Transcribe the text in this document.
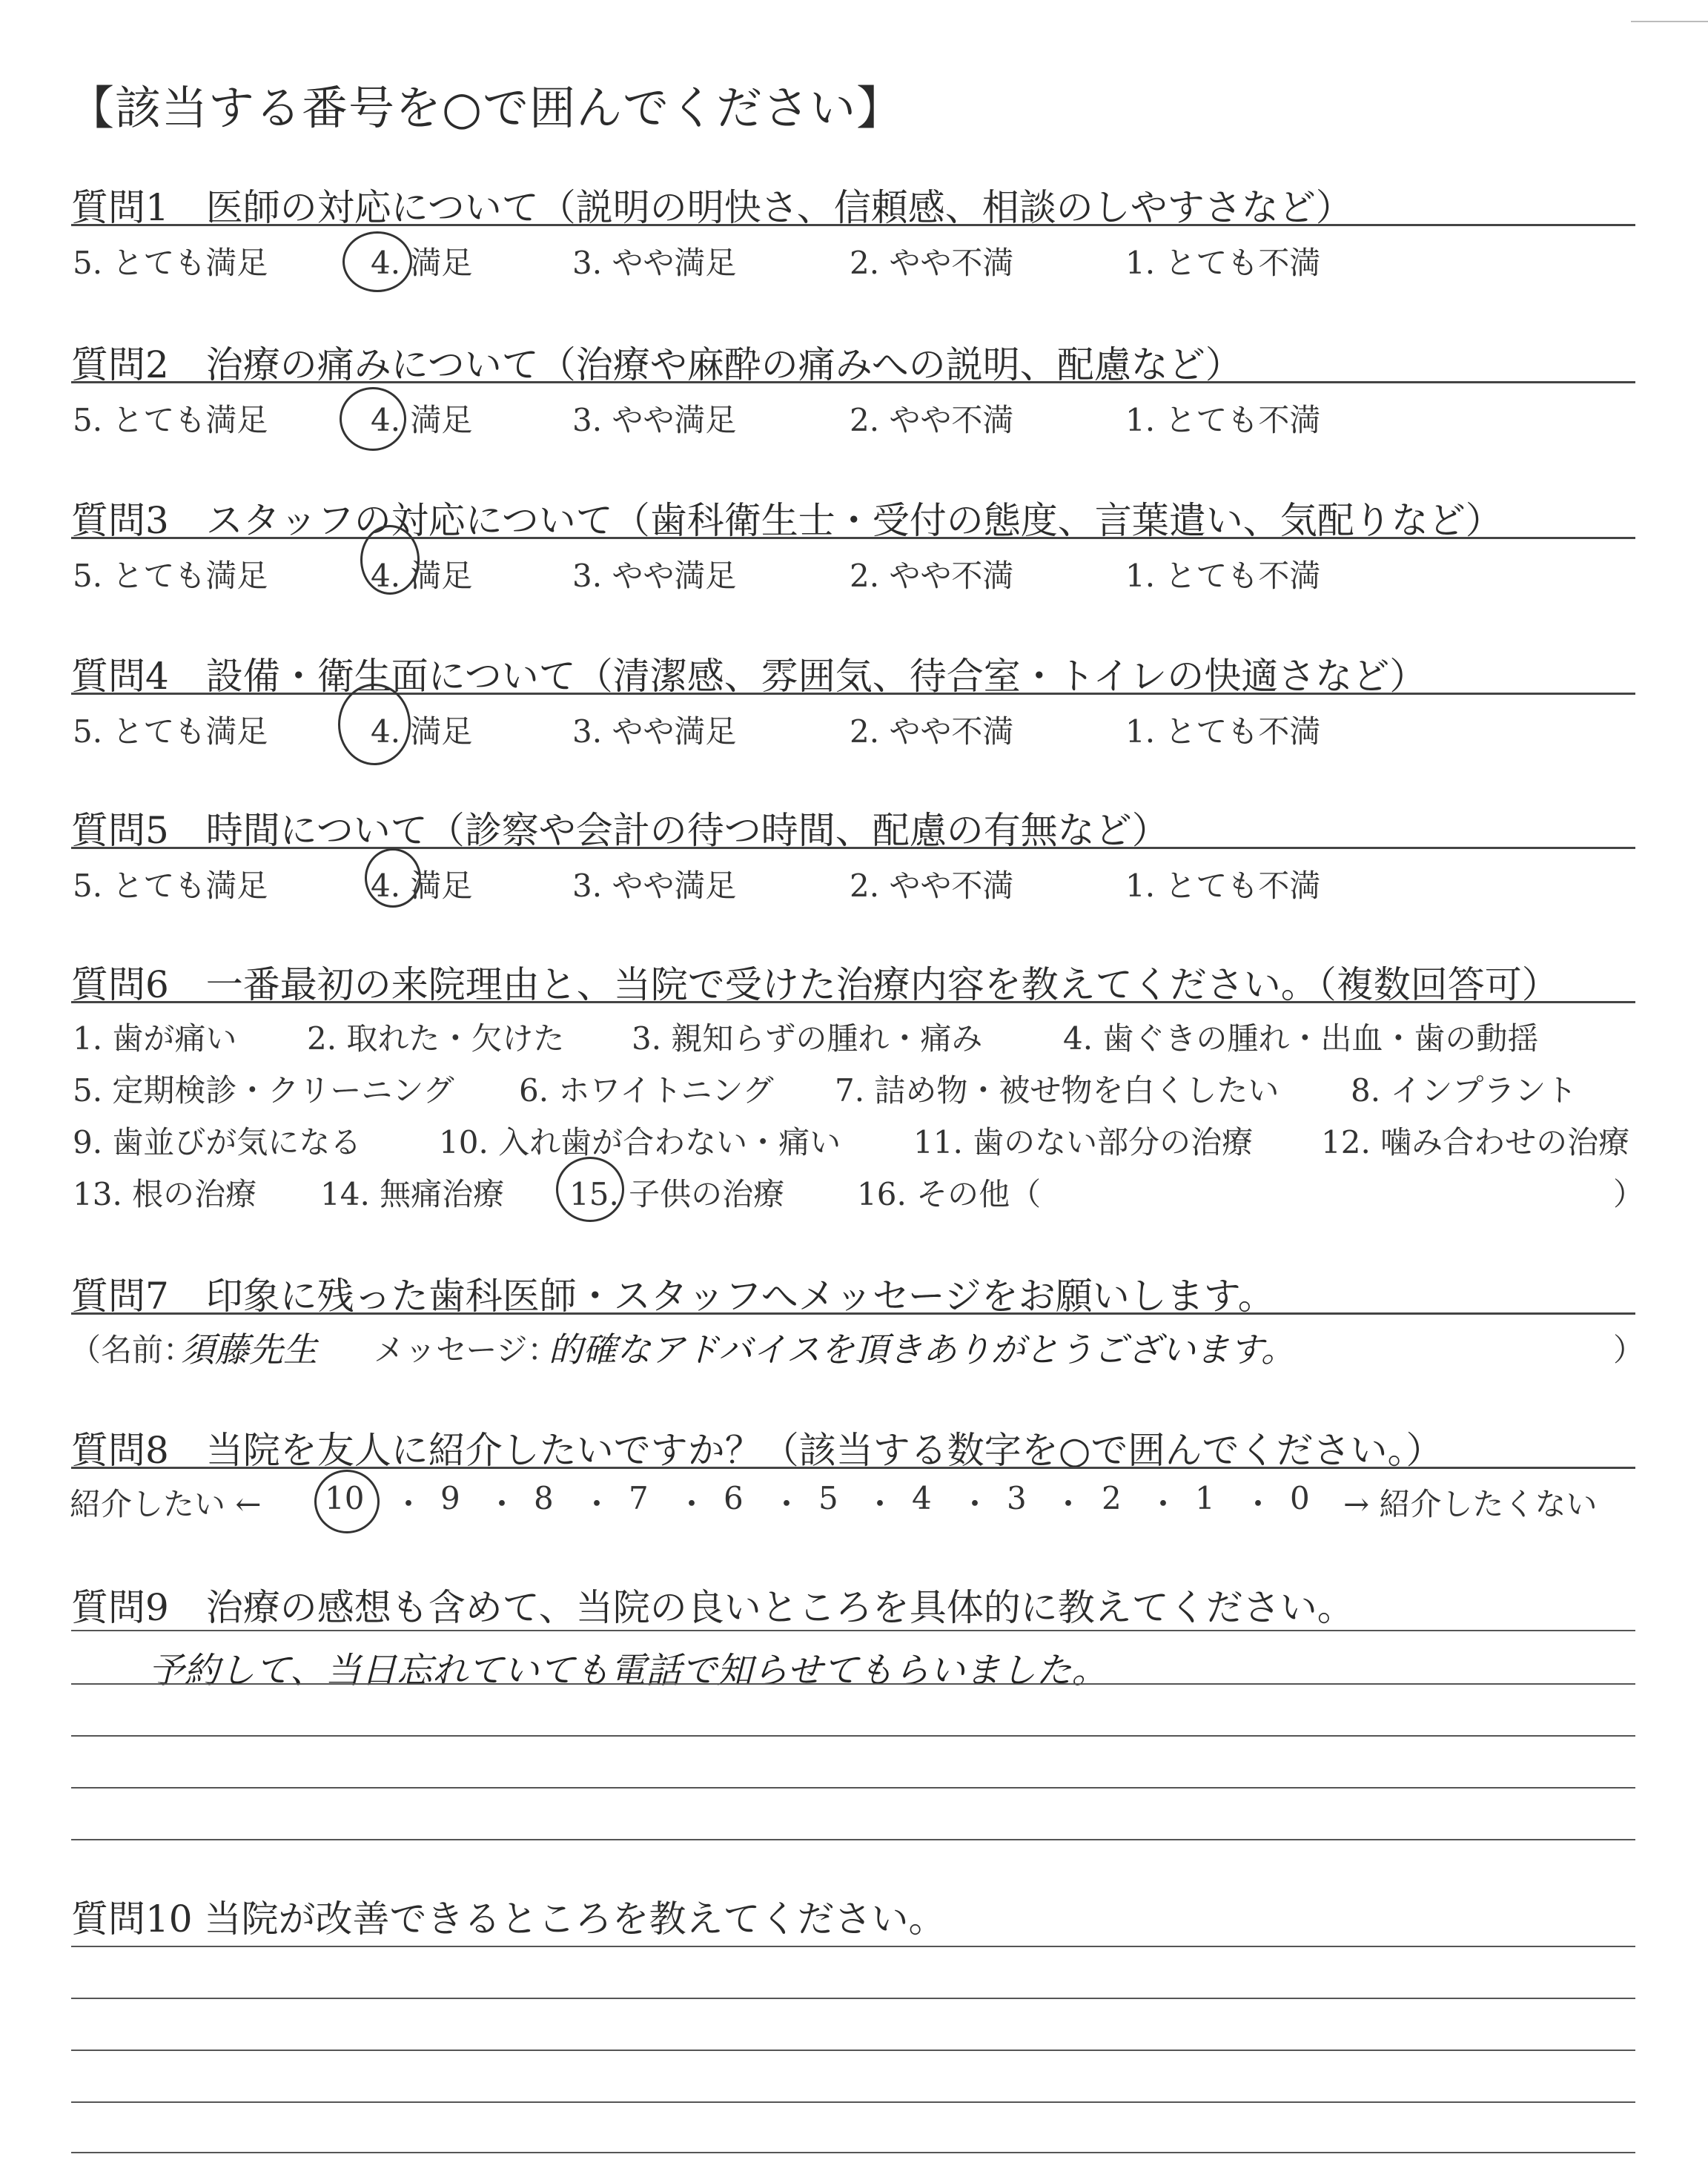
【該当する番号を○で囲んでください】
質問1　医師の対応について（説明の明快さ、信頼感、相談のしやすさなど）
5. とても満足	4. 満足	3. やや満足	2. やや不満	1. とても不満
質問2　治療の痛みについて（治療や麻酔の痛みへの説明、配慮など）
5. とても満足	4. 満足	3. やや満足	2. やや不満	1. とても不満
質問3　スタッフの対応について（歯科衛生士・受付の態度、言葉遣い、気配りなど）
5. とても満足	4. 満足	3. やや満足	2. やや不満	1. とても不満
質問4　設備・衛生面について（清潔感、雰囲気、待合室・トイレの快適さなど）
5. とても満足	4. 満足	3. やや満足	2. やや不満	1. とても不満
質問5　時間について（診察や会計の待つ時間、配慮の有無など）
5. とても満足	4. 満足	3. やや満足	2. やや不満	1. とても不満
質問6　一番最初の来院理由と、当院で受けた治療内容を教えてください。（複数回答可）
1. 歯が痛い 2. 取れた・欠けた 3. 親知らずの腫れ・痛み	4. 歯ぐきの腫れ・出血・歯の動揺
5. 定期検診・クリーニング 6. ホワイトニング 7. 詰め物・被せ物を白くしたい 8. インプラント
9. 歯並びが気になる 10. 入れ歯が合わない・痛い 11. 歯のない部分の治療 12. 噛み合わせの治療
13. 根の治療 14. 無痛治療 15. 子供の治療 16. その他（	）
質問7　印象に残った歯科医師・スタッフへメッセージをお願いします。
（名前：
須藤先生 メッセージ：
的確なアドバイスを頂きありがとうございます。	）
質問8　当院を友人に紹介したいですか？（該当する数字を○で囲んでください。）
紹介したい ← 10 ・ 9 ・ 8 ・ 7 ・ 6 ・ 5 ・ 4 ・ 3 ・ 2 ・ 1 ・ 0 → 紹介したくない
質問9　治療の感想も含めて、当院の良いところを具体的に教えてください。
予約して、当日忘れていても電話で知らせてもらいました。
質問10 当院が改善できるところを教えてください。
